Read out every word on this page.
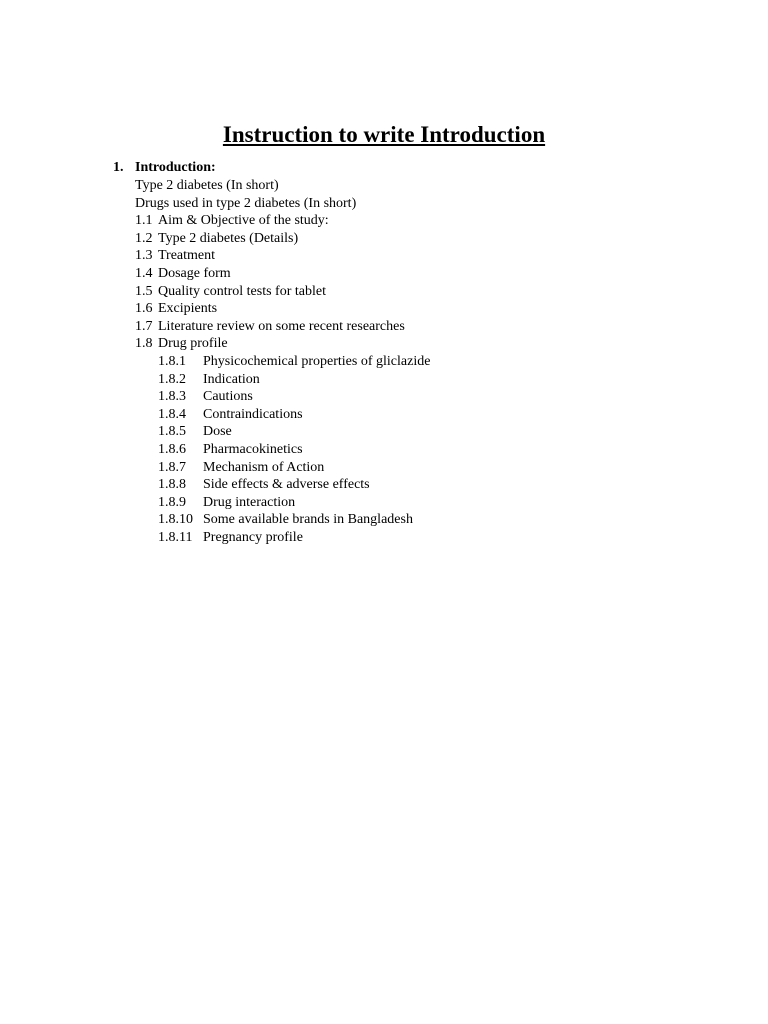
Instruction to write Introduction
1. Introduction:
Type 2 diabetes (In short)
Drugs used in type 2 diabetes (In short)
1.1 Aim & Objective of the study:
1.2 Type 2 diabetes (Details)
1.3 Treatment
1.4 Dosage form
1.5 Quality control tests for tablet
1.6 Excipients
1.7 Literature review on some recent researches
1.8 Drug profile
1.8.1 Physicochemical properties of gliclazide
1.8.2 Indication
1.8.3 Cautions
1.8.4 Contraindications
1.8.5 Dose
1.8.6 Pharmacokinetics
1.8.7 Mechanism of Action
1.8.8 Side effects & adverse effects
1.8.9 Drug interaction
1.8.10 Some available brands in Bangladesh
1.8.11 Pregnancy profile
